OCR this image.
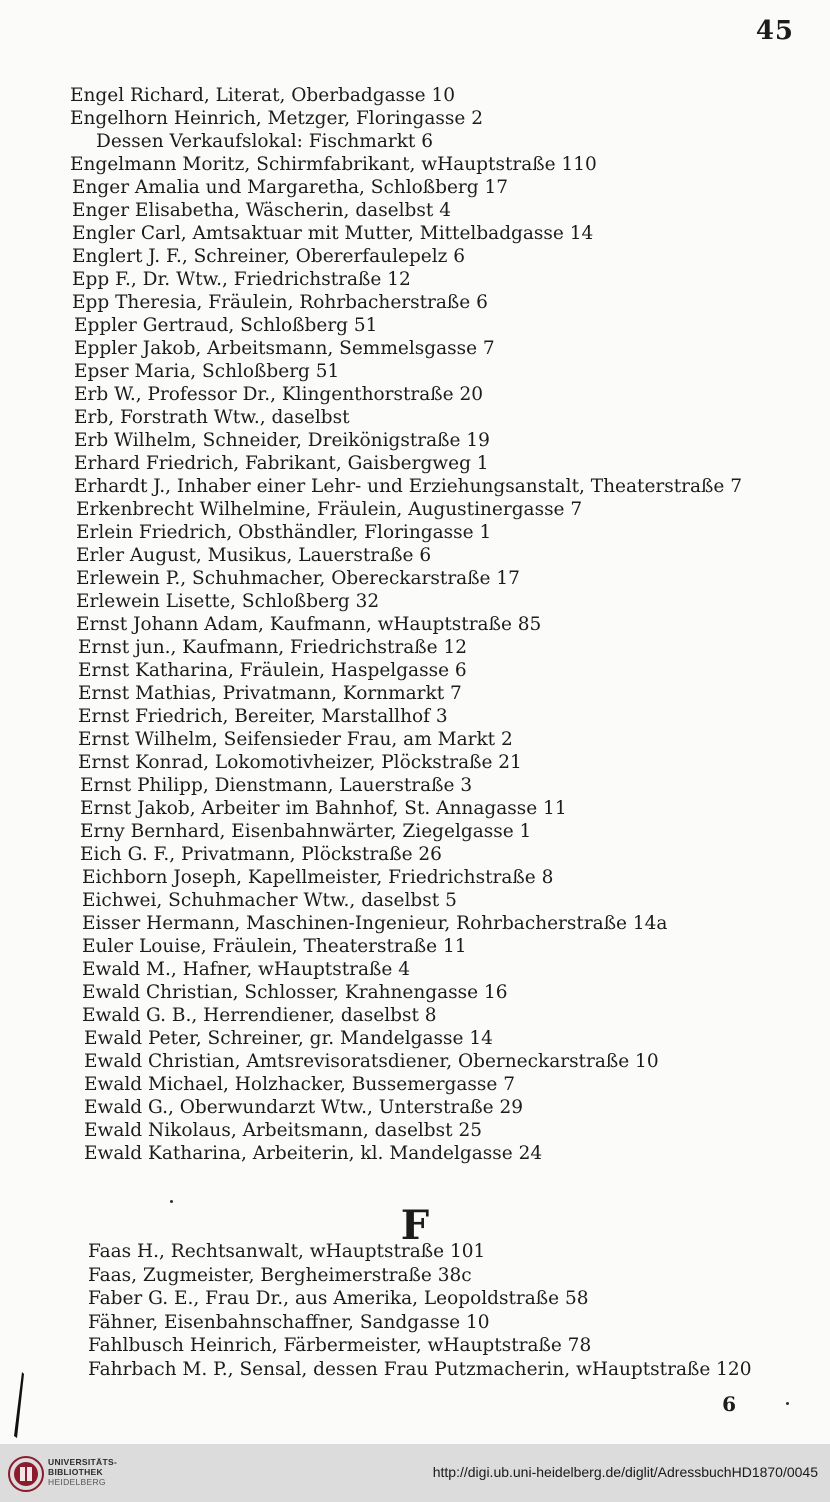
45
Engel Richard, Literat, Oberbadgasse 10
Engelhorn Heinrich, Metzger, Floringasse 2
Dessen Verkaufslokal: Fischmarkt 6
Engelmann Moritz, Schirmfabrikant, wHauptstraße 110
Enger Amalia und Margaretha, Schloßberg 17
Enger Elisabetha, Wäscherin, daselbst 4
Engler Carl, Amtsaktuar mit Mutter, Mittelbadgasse 14
Englert J. F., Schreiner, Obererfaulepelz 6
Epp F., Dr. Wtw., Friedrichstraße 12
Epp Theresia, Fräulein, Rohrbacherstraße 6
Eppler Gertraud, Schloßberg 51
Eppler Jakob, Arbeitsmann, Semmelsgasse 7
Epser Maria, Schloßberg 51
Erb W., Professor Dr., Klingenthorstraße 20
Erb, Forstrath Wtw., daselbst
Erb Wilhelm, Schneider, Dreikönigstraße 19
Erhard Friedrich, Fabrikant, Gaisbergweg 1
Erhardt J., Inhaber einer Lehr- und Erziehungsanstalt, Theaterstraße 7
Erkenbrecht Wilhelmine, Fräulein, Augustinergasse 7
Erlein Friedrich, Obsthändler, Floringasse 1
Erler August, Musikus, Lauerstraße 6
Erlewein P., Schuhmacher, Obereckarstraße 17
Erlewein Lisette, Schloßberg 32
Ernst Johann Adam, Kaufmann, wHauptstraße 85
Ernst jun., Kaufmann, Friedrichstraße 12
Ernst Katharina, Fräulein, Haspelgasse 6
Ernst Mathias, Privatmann, Kornmarkt 7
Ernst Friedrich, Bereiter, Marstallhof 3
Ernst Wilhelm, Seifensieder Frau, am Markt 2
Ernst Konrad, Lokomotivheizer, Plöckstraße 21
Ernst Philipp, Dienstmann, Lauerstraße 3
Ernst Jakob, Arbeiter im Bahnhof, St. Annagasse 11
Erny Bernhard, Eisenbahnwärter, Ziegelgasse 1
Eich G. F., Privatmann, Plöckstraße 26
Eichborn Joseph, Kapellmeister, Friedrichstraße 8
Eichwei, Schuhmacher Wtw., daselbst 5
Eisser Hermann, Maschinen-Ingenieur, Rohrbacherstraße 14a
Euler Louise, Fräulein, Theaterstraße 11
Ewald M., Hafner, wHauptstraße 4
Ewald Christian, Schlosser, Krahnengasse 16
Ewald G. B., Herrendiener, daselbst 8
Ewald Peter, Schreiner, gr. Mandelgasse 14
Ewald Christian, Amtsrevisoratsdiener, Oberneckarstraße 10
Ewald Michael, Holzhacker, Bussemergasse 7
Ewald G., Oberwundarzt Wtw., Unterstraße 29
Ewald Nikolaus, Arbeitsmann, daselbst 25
Ewald Katharina, Arbeiterin, kl. Mandelgasse 24
F
Faas H., Rechtsanwalt, wHauptstraße 101
Faas, Zugmeister, Bergheimerstraße 38c
Faber G. E., Frau Dr., aus Amerika, Leopoldstraße 58
Fähner, Eisenbahnschaffner, Sandgasse 10
Fahlbusch Heinrich, Färbermeister, wHauptstraße 78
Fahrbach M. P., Sensal, dessen Frau Putzmacherin, wHauptstraße 120
6
UNIVERSITÄTS-
BIBLIOTHEK
HEIDELBERG
http://digi.ub.uni-heidelberg.de/diglit/AdressbuchHD1870/0045
